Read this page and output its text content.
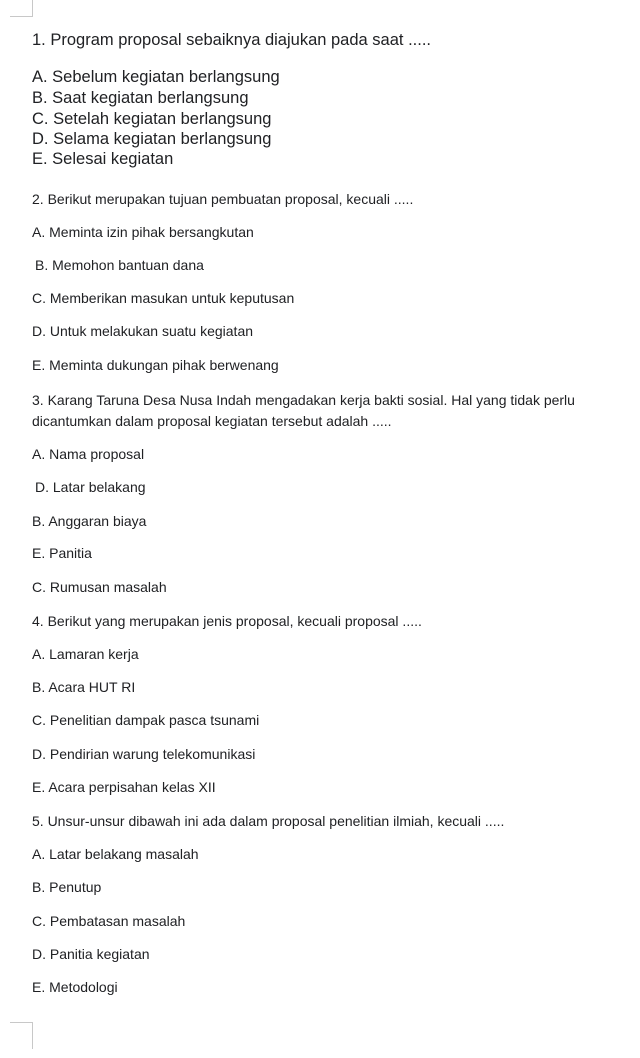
1. Program proposal sebaiknya diajukan pada saat .....

A. Sebelum kegiatan berlangsung

B. Saat kegiatan berlangsung

C. Setelah kegiatan berlangsung

D. Selama kegiatan berlangsung

E. Selesai kegiatan

2. Berikut merupakan tujuan pembuatan proposal, kecuali .....

A. Meminta izin pihak bersangkutan

B. Memohon bantuan dana

C. Memberikan masukan untuk keputusan

D. Untuk melakukan suatu kegiatan

E. Meminta dukungan pihak berwenang

3. Karang Taruna Desa Nusa Indah mengadakan kerja bakti sosial. Hal yang tidak perlu

dicantumkan dalam proposal kegiatan tersebut adalah .....

A. Nama proposal

D. Latar belakang

B. Anggaran biaya

E. Panitia

C. Rumusan masalah

4. Berikut yang merupakan jenis proposal, kecuali proposal .....

A. Lamaran kerja

B. Acara HUT RI

C. Penelitian dampak pasca tsunami

D. Pendirian warung telekomunikasi

E. Acara perpisahan kelas XII

5. Unsur-unsur dibawah ini ada dalam proposal penelitian ilmiah, kecuali .....

A. Latar belakang masalah

B. Penutup

C. Pembatasan masalah

D. Panitia kegiatan

E. Metodologi
